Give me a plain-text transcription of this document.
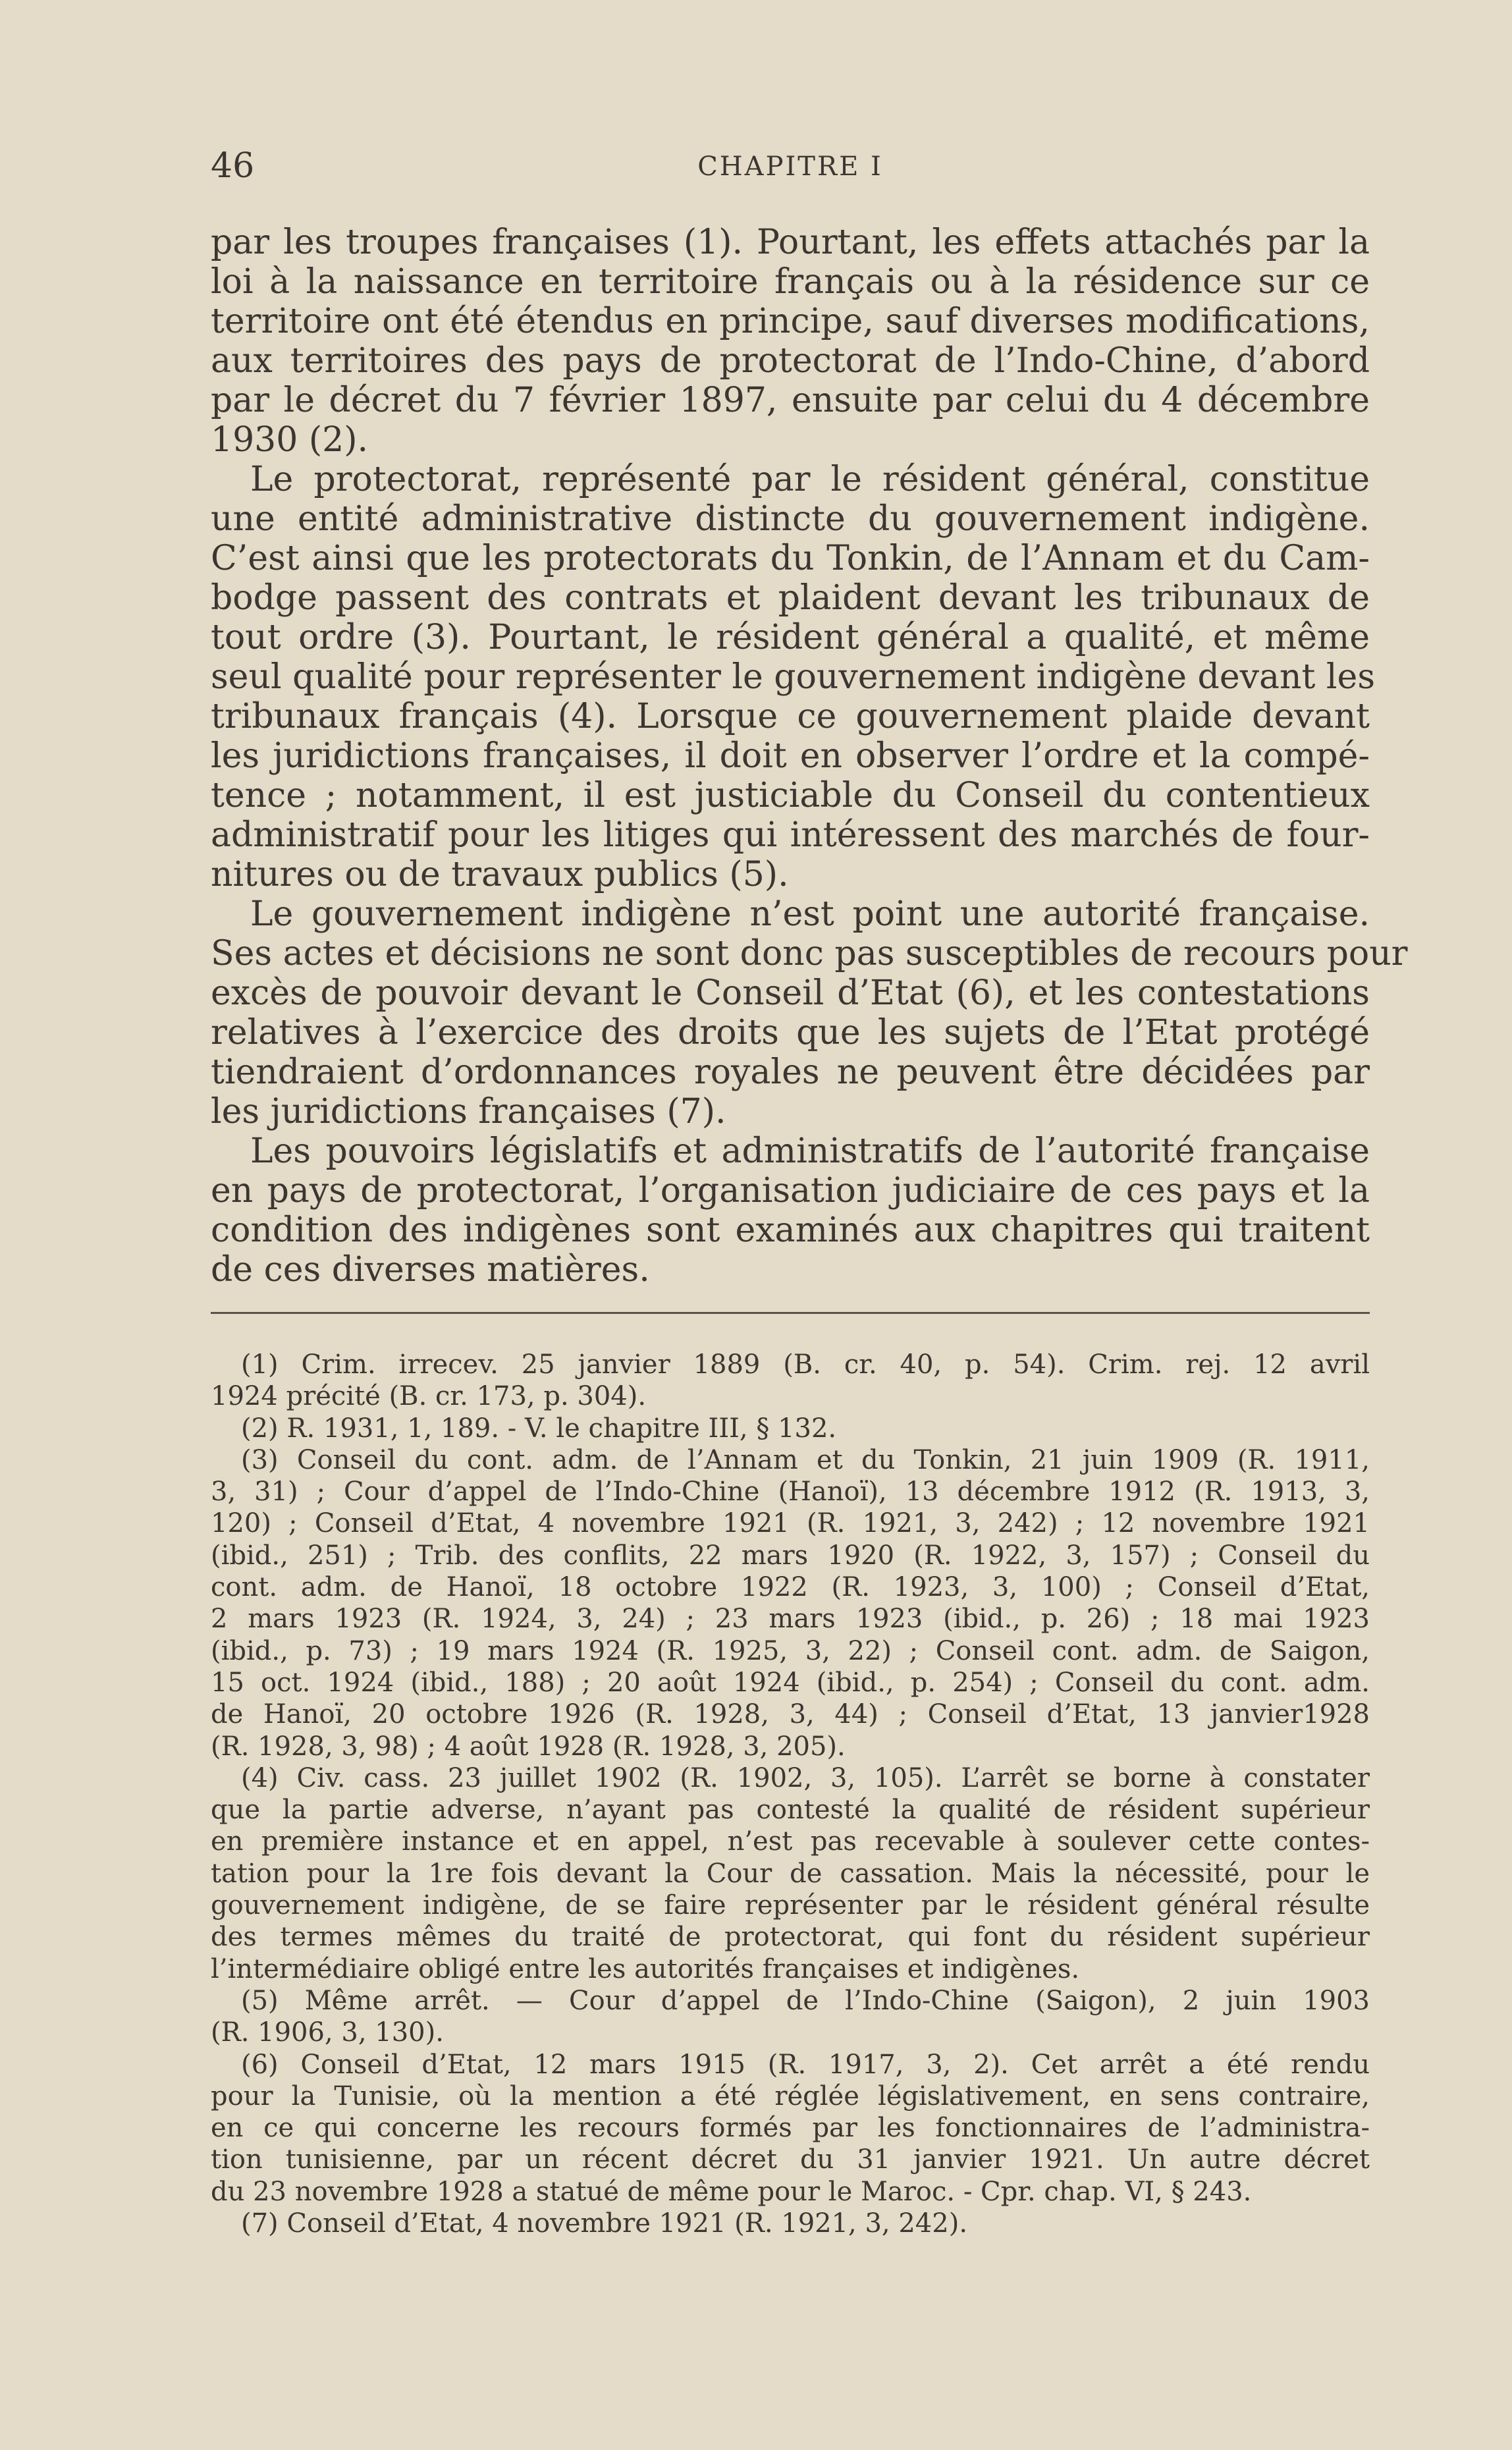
46	CHAPITRE I
par les troupes françaises (1). Pourtant, les effets attachés par la
loi à la naissance en territoire français ou à la résidence sur ce
territoire ont été étendus en principe, sauf diverses modifications,
aux territoires des pays de protectorat de l’Indo-Chine, d’abord
par le décret du 7 février 1897, ensuite par celui du 4 décembre
1930 (2).
Le protectorat, représenté par le résident général, constitue
une entité administrative distincte du gouvernement indigène.
C’est ainsi que les protectorats du Tonkin, de l’Annam et du Cam-
bodge passent des contrats et plaident devant les tribunaux de
tout ordre (3). Pourtant, le résident général a qualité, et même
seul qualité pour représenter le gouvernement indigène devant les
tribunaux français (4). Lorsque ce gouvernement plaide devant
les juridictions françaises, il doit en observer l’ordre et la compé-
tence ; notamment, il est justiciable du Conseil du contentieux
administratif pour les litiges qui intéressent des marchés de four-
nitures ou de travaux publics (5).
Le gouvernement indigène n’est point une autorité française.
Ses actes et décisions ne sont donc pas susceptibles de recours pour
excès de pouvoir devant le Conseil d’Etat (6), et les contestations
relatives à l’exercice des droits que les sujets de l’Etat protégé
tiendraient d’ordonnances royales ne peuvent être décidées par
les juridictions françaises (7).
Les pouvoirs législatifs et administratifs de l’autorité française
en pays de protectorat, l’organisation judiciaire de ces pays et la
condition des indigènes sont examinés aux chapitres qui traitent
de ces diverses matières.
(1) Crim. irrecev. 25 janvier 1889 (B. cr. 40, p. 54). Crim. rej. 12 avril
1924 précité (B. cr. 173, p. 304).
(2) R. 1931, 1, 189. - V. le chapitre III, § 132.
(3) Conseil du cont. adm. de l’Annam et du Tonkin, 21 juin 1909 (R. 1911,
3, 31) ; Cour d’appel de l’Indo-Chine (Hanoï), 13 décembre 1912 (R. 1913, 3,
120) ; Conseil d’Etat, 4 novembre 1921 (R. 1921, 3, 242) ; 12 novembre 1921
(ibid., 251) ; Trib. des conflits, 22 mars 1920 (R. 1922, 3, 157) ; Conseil du
cont. adm. de Hanoï, 18 octobre 1922 (R. 1923, 3, 100) ; Conseil d’Etat,
2 mars 1923 (R. 1924, 3, 24) ; 23 mars 1923 (ibid., p. 26) ; 18 mai 1923
(ibid., p. 73) ; 19 mars 1924 (R. 1925, 3, 22) ; Conseil cont. adm. de Saigon,
15 oct. 1924 (ibid., 188) ; 20 août 1924 (ibid., p. 254) ; Conseil du cont. adm.
de Hanoï, 20 octobre 1926 (R. 1928, 3, 44) ; Conseil d’Etat, 13 janvier1928
(R. 1928, 3, 98) ; 4 août 1928 (R. 1928, 3, 205).
(4) Civ. cass. 23 juillet 1902 (R. 1902, 3, 105). L’arrêt se borne à constater
que la partie adverse, n’ayant pas contesté la qualité de résident supérieur
en première instance et en appel, n’est pas recevable à soulever cette contes-
tation pour la 1re fois devant la Cour de cassation. Mais la nécessité, pour le
gouvernement indigène, de se faire représenter par le résident général résulte
des termes mêmes du traité de protectorat, qui font du résident supérieur
l’intermédiaire obligé entre les autorités françaises et indigènes.
(5) Même arrêt. — Cour d’appel de l’Indo-Chine (Saigon), 2 juin 1903
(R. 1906, 3, 130).
(6) Conseil d’Etat, 12 mars 1915 (R. 1917, 3, 2). Cet arrêt a été rendu
pour la Tunisie, où la mention a été réglée législativement, en sens contraire,
en ce qui concerne les recours formés par les fonctionnaires de l’administra-
tion tunisienne, par un récent décret du 31 janvier 1921. Un autre décret
du 23 novembre 1928 a statué de même pour le Maroc. - Cpr. chap. VI, § 243.
(7) Conseil d’Etat, 4 novembre 1921 (R. 1921, 3, 242).
